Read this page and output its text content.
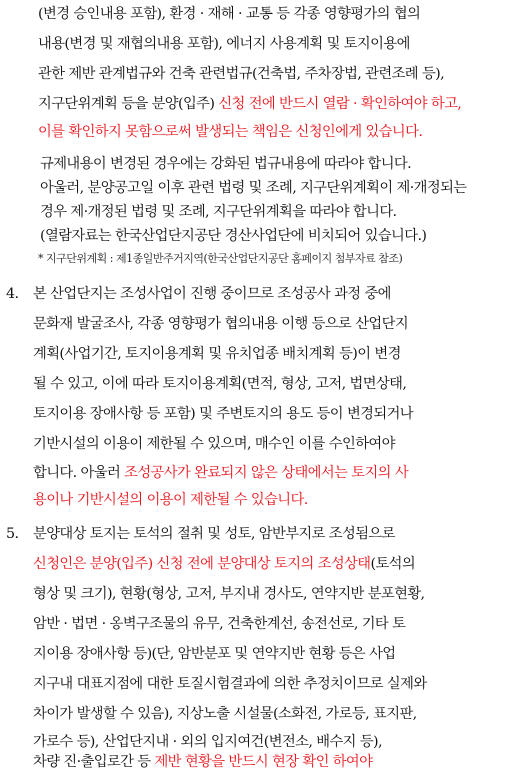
(변경 승인내용 포함), 환경 · 재해 · 교통 등 각종 영향평가의 협의
내용(변경 및 재협의내용 포함), 에너지 사용계획 및 토지이용에
관한 제반 관계법규와 건축 관련법규(건축법, 주차장법, 관련조례 등),
지구단위계획 등을 분양(입주) 신청 전에 반드시 열람 · 확인하여야 하고,
이를 확인하지 못함으로써 발생되는 책임은 신청인에게 있습니다.
규제내용이 변경된 경우에는 강화된 법규내용에 따라야 합니다.
아울러, 분양공고일 이후 관련 법령 및 조례, 지구단위계획이 제·개정되는
경우 제·개정된 법령 및 조례, 지구단위계획을 따라야 합니다.
(열람자료는 한국산업단지공단 경산사업단에 비치되어 있습니다.)
* 지구단위계획 : 제1종일반주거지역(한국산업단지공단 홈페이지 첨부자료 참조)
4. 본 산업단지는 조성사업이 진행 중이므로 조성공사 과정 중에
문화재 발굴조사, 각종 영향평가 협의내용 이행 등으로 산업단지
계획(사업기간, 토지이용계획 및 유치업종 배치계획 등)이 변경
될 수 있고, 이에 따라 토지이용계획(면적, 형상, 고저, 법면상태,
토지이용 장애사항 등 포함) 및 주변토지의 용도 등이 변경되거나
기반시설의 이용이 제한될 수 있으며, 매수인 이를 수인하여야
합니다. 아울러 조성공사가 완료되지 않은 상태에서는 토지의 사
용이나 기반시설의 이용이 제한될 수 있습니다.
5. 분양대상 토지는 토석의 절취 및 성토, 암반부지로 조성됨으로
신청인은 분양(입주) 신청 전에 분양대상 토지의 조성상태(토석의
형상 및 크기), 현황(형상, 고저, 부지내 경사도, 연약지반 분포현황,
암반 · 법면 · 옹벽구조물의 유무, 건축한계선, 송전선로, 기타 토
지이용 장애사항 등)(단, 암반분포 및 연약지반 현황 등은 사업
지구내 대표지점에 대한 토질시험결과에 의한 추정치이므로 실제와
차이가 발생할 수 있음), 지상노출 시설물(소화전, 가로등, 표지판,
가로수 등), 산업단지내 · 외의 입지여건(변전소, 배수지 등),
차량 진·출입로간 등 제반 현황을 반드시 현장 확인 하여야
